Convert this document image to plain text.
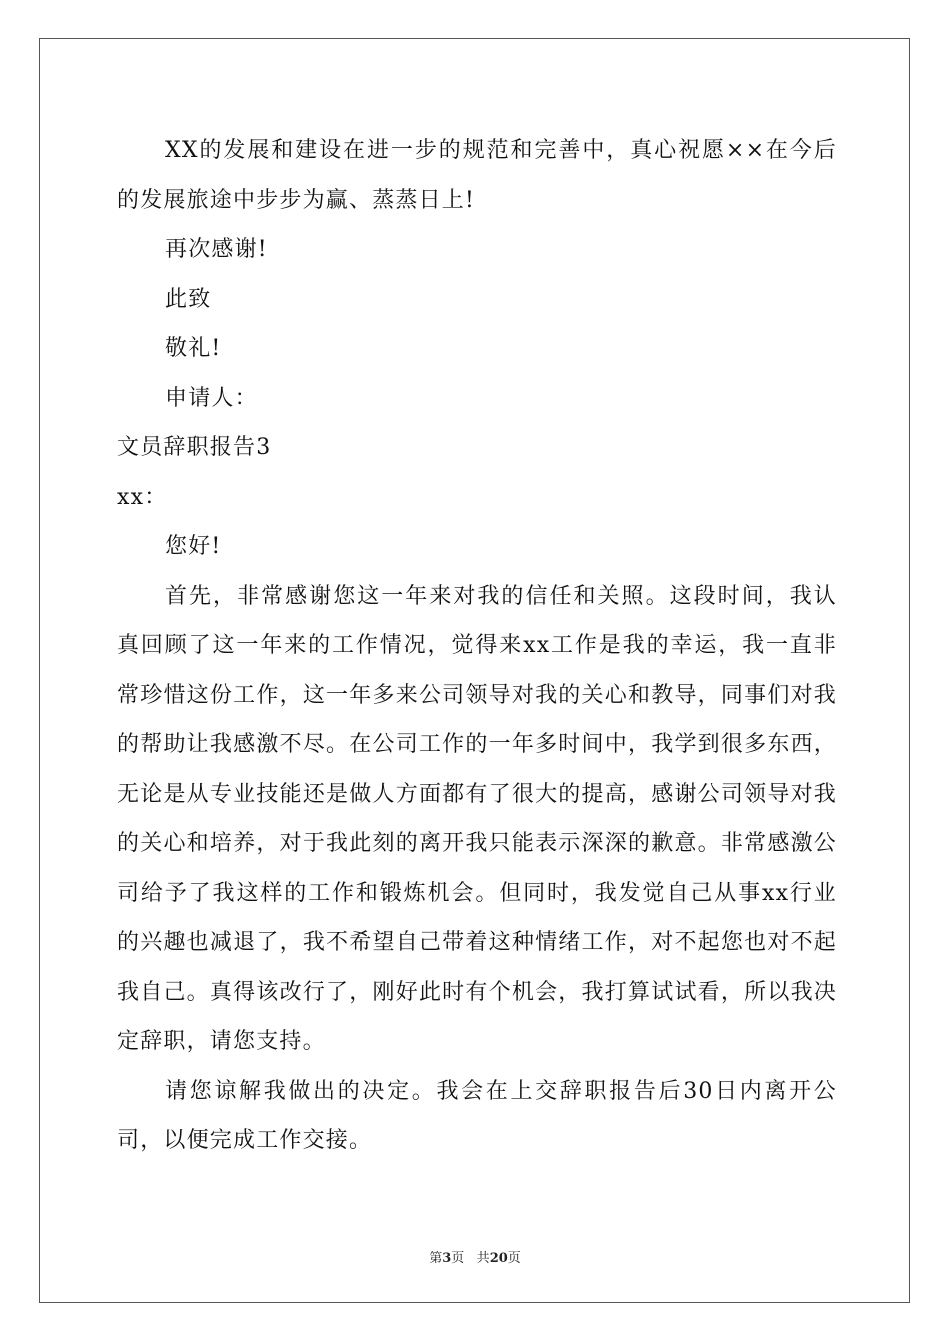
XX的发展和建设在进一步的规范和完善中，真心祝愿××在今后的发展旅途中步步为赢、蒸蒸日上!

再次感谢!

此致

敬礼!

申请人：

文员辞职报告3

xx：

您好!

首先，非常感谢您这一年来对我的信任和关照。这段时间，我认真回顾了这一年来的工作情况，觉得来xx工作是我的幸运，我一直非常珍惜这份工作，这一年多来公司领导对我的关心和教导，同事们对我的帮助让我感激不尽。在公司工作的一年多时间中，我学到很多东西，无论是从专业技能还是做人方面都有了很大的提高，感谢公司领导对我的关心和培养，对于我此刻的离开我只能表示深深的歉意。非常感激公司给予了我这样的工作和锻炼机会。但同时，我发觉自己从事xx行业的兴趣也减退了，我不希望自己带着这种情绪工作，对不起您也对不起我自己。真得该改行了，刚好此时有个机会，我打算试试看，所以我决定辞职，请您支持。

请您谅解我做出的决定。我会在上交辞职报告后30日内离开公司，以便完成工作交接。

第3页 共20页
